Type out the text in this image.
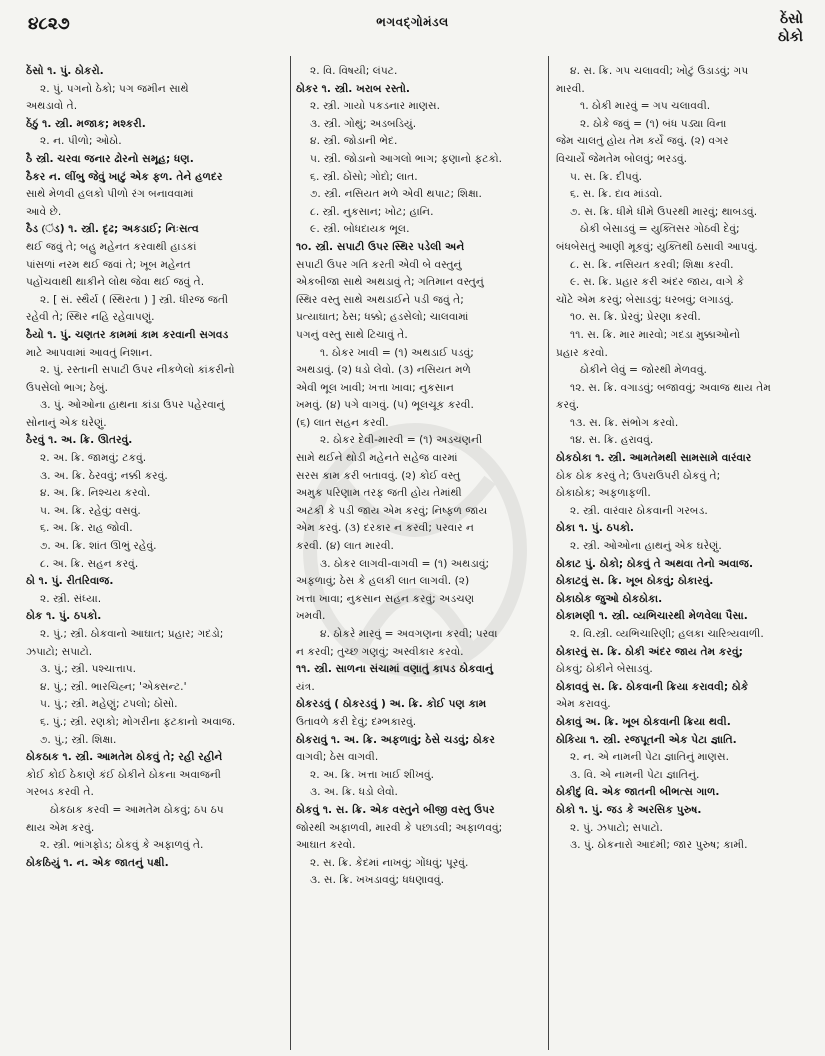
૪૮૨૭	ભગવદ્ગોમંડલ	ઠેંસો
ઠોકો
ઠેંસો ૧. પું. ઠોકરો.
૨. પું. પગનો ઠેકો; પગ જમીન સાથે
અથડાવો તે.
ઠેંઠું ૧. સ્ત્રી. મજાક; મશ્કરી.
૨. ન. પીળો; ઓઠો.
ઠૈ સ્ત્રી. ચરવા જનાર ઢોરનો સમૂહ; ધણ.
ઠૈકર ન. લીંબુ જેવું ખાટું એક ફળ. તેને હળદર
સાથે મેળવી હલકો પીળો રંગ બનાવવામાં
આવે છે.
ઠૈડ (ંડ) ૧. સ્ત્રી. દૃઢ; અકડાઈ; નિઃસત્વ
થઈ જવું તે; બહુ મહેનત કરવાથી હાડકાં
પાંસળાં નરમ થઈ જવાં તે; ખૂબ મહેનત
પહોંચવાથી થાકીને લોથ જેવા થઈ જવું તે.
૨. [ સં. સ્થૈર્ય ( સ્થિરતા ) ] સ્ત્રી. ધીરજ જતી
રહેવી તે; સ્થિર નહિ રહેવાપણું.
ઠૈયો ૧. પું. ચણતર કામમાં કામ કરવાની સગવડ
માટે આપવામાં આવતું નિશાન.
૨. પું. રસ્તાની સપાટી ઉપર નીકળેલો કાંકરીનો
ઉપસેલો ભાગ; ઠેબું.
૩. પું. ઓઓના હાથના કાંડા ઉપર પહેરવાનું
સોનાનું એક ઘરેણું.
ઠૈરવું ૧. અ. ક્રિ. ઊતરવું.
૨. અ. ક્રિ. જામવું; ટકવું.
૩. અ. ક્રિ. ઠેરવવું; નક્કી કરવું.
૪. અ. ક્રિ. નિશ્ચય કરવો.
૫. અ. ક્રિ. રહેવું; વસવું.
૬. અ. ક્રિ. રાહ જોવી.
૭. અ. ક્રિ. શાંત ઊભું રહેવું.
૮. અ. ક્રિ. સહન કરવું.
ઠો ૧. પું. રીતરિવાજ.
૨. સ્ત્રી. સંધ્યા.
ઠોક ૧. પું. ઠપકો.
૨. પું.; સ્ત્રી. ઠોકવાનો આઘાત; પ્રહાર; ગદડો;
ઝપાટો; સપાટો.
૩. પું.; સ્ત્રી. પશ્ચાત્તાપ.
૪. પું.; સ્ત્રી. ભારચિહ્ન; 'એક્સન્ટ.'
૫. પું.; સ્ત્રી. મહેણું; ટપલો; ઠોંસો.
૬. પું.; સ્ત્રી. રણકો; મોગરીના ફટકાનો અવાજ.
૭. પું.; સ્ત્રી. શિક્ષા.
ઠોકઠાક ૧. સ્ત્રી. આમતેમ ઠોકવું તે; રહી રહીને
કોઈ કોઈ ઠેકાણે કંઈ ઠોકીને ઠોકના અવાજની
ગરબડ કરવી તે.
ઠોકઠાક કરવી = આમતેમ ઠોકવું; ઠપ ઠપ
થાય એમ કરવું.
૨. સ્ત્રી. ભાંગફોડ; ઠોકવું કે અફાળવું તે.
ઠોકઠિયું ૧. ન. એક જાતનું પક્ષી.
૨. વિ. વિષયી; લંપટ.
ઠોકર ૧. સ્ત્રી. ખરાબ રસ્તો.
૨. સ્ત્રી. ગાયો પકડનાર માણસ.
૩. સ્ત્રી. ગોથું; અડબડિયું.
૪. સ્ત્રી. જોડાની ભેદ.
૫. સ્ત્રી. જોડાનો આગલો ભાગ; ફણાનો ફટકો.
૬. સ્ત્રી. ઠોંસો; ગોદો; લાત.
૭. સ્ત્રી. નસિયત મળે એવી થપાટ; શિક્ષા.
૮. સ્ત્રી. નુકસાન; ખોટ; હાનિ.
૯. સ્ત્રી. બોધદાયક ભૂલ.
૧૦. સ્ત્રી. સપાટી ઉપર સ્થિર પડેલી અને
સપાટી ઉપર ગતિ કરતી એવી બે વસ્તુનું
એકબીજા સાથે અથડાવું તે; ગતિમાન વસ્તુનું
સ્થિર વસ્તુ સાથે અથડાઈને પડી જવું તે;
પ્રત્યાઘાત; ઠેસ; ધક્કો; હડસેલો; ચાલવામાં
પગનું વસ્તુ સાથે ટિચાવું તે.
૧. ઠોકર ખાવી = (૧) અથડાઈ પડવું;
અથડાવું. (૨) ધડો લેવો. (૩) નસિયત મળે
એવી ભૂલ ખાવી; ખત્તા ખાવા; નુકસાન
ખમવું. (૪) પગે વાગવું. (૫) ભૂલચૂક કરવી.
(૬) લાત સહન કરવી.
૨. ઠોકર દેવી-મારવી = (૧) અડચણની
સામે થઈને થોડી મહેનતે સહેજ વારમાં
સરસ કામ કરી બતાવવું. (૨) કોઈ વસ્તુ
અમુક પરિણામ તરફ જતી હોય તેમાંથી
અટકી કે પડી જાય એમ કરવું; નિષ્ફળ જાય
એમ કરવું. (૩) દરકાર ન કરવી; પરવાર ન
કરવી. (૪) લાત મારવી.
૩. ઠોકર લાગવી-વાગવી = (૧) અથડાવું;
અફળાવું; ઠેસ કે હલકી લાત લાગવી. (૨)
ખત્તા ખાવા; નુકસાન સહન કરવું; અડચણ
ખમવી.
૪. ઠોકરે મારવું = અવગણના કરવી; પરવા
ન કરવી; તુચ્છ ગણવું; અસ્વીકાર કરવો.
૧૧. સ્ત્રી. સાળના સંચામાં વણાતું કાપડ ઠોકવાનું
યંત્ર.
ઠોકરડવું ( ઠોકરડવું ) અ. ક્રિ. કોઈ પણ કામ
ઉતાવળે કરી દેવું; દમ્ભકારવું.
ઠોકરાવું ૧. અ. ક્રિ. અફળાવું; ઠેસે ચડવું; ઠોકર
વાગવી; ઠેસ વાગવી.
૨. અ. ક્રિ. ખત્તા ખાઈ શીખવું.
૩. અ. ક્રિ. ધડો લેવો.
ઠોકવું ૧. સ. ક્રિ. એક વસ્તુને બીજી વસ્તુ ઉપર
જોરથી અફાળવી, મારવી કે પછાડવી; અફાળવવું;
આઘાત કરવો.
૨. સ. ક્રિ. કેદમાં નાખવું; ગોંધવું; પૂરવું.
૩. સ. ક્રિ. ખખડાવવું; ધધણાવવું.
૪. સ. ક્રિ. ગપ ચલાવવી; ખોટું ઉડાડવું; ગપ
મારવી.
૧. ઠોકી મારવું = ગપ ચલાવવી.
૨. ઠોકે જવું = (૧) બંધ પડ્યા વિના
જેમ ચાલતું હોય તેમ કર્યે જવું. (૨) વગર
વિચાર્યે જેમતેમ બોલવું; ભરડવું.
૫. સ. ક્રિ. દીપવું.
૬. સ. ક્રિ. દાવ માંડવો.
૭. સ. ક્રિ. ધીમે ધીમે ઉપરથી મારવું; થાબડવું.
ઠોકી બેસાડવું = યુક્તિસર ગોઠવી દેવું;
બંધબેસતું આણી મૂકવું; યુક્તિથી ઠસાવી આપવું.
૮. સ. ક્રિ. નસિયત કરવી; શિક્ષા કરવી.
૯. સ. ક્રિ. પ્રહાર કરી અંદર જાય, વાગે કે
ચોંટે એમ કરવું; બેસાડવું; ધરબવું; લગાડવું.
૧૦. સ. ક્રિ. પ્રેરવું; પ્રેરણા કરવી.
૧૧. સ. ક્રિ. માર મારવો; ગદડા મુક્કાઓનો
પ્રહાર કરવો.
ઠોકીને લેવું = જોરથી મેળવવું.
૧૨. સ. ક્રિ. વગાડવું; બજાવવું; અવાજ થાય તેમ
કરવું.
૧૩. સ. ક્રિ. સંભોગ કરવો.
૧૪. સ. ક્રિ. હરાવવું.
ઠોકઠોકા ૧. સ્ત્રી. આમતેમથી સામસામે વારંવાર
ઠોક ઠોક કરવું તે; ઉપરાઉપરી ઠોકવું તે;
ઠોકાઠોક; અફળાફળી.
૨. સ્ત્રી. વારંવાર ઠોકવાની ગરબડ.
ઠોકા ૧. પું. ઠપકો.
૨. સ્ત્રી. ઓઓના હાથનું એક ઘરેણું.
ઠોકાટ પું. ઠોકો; ઠોકવું તે અથવા તેનો અવાજ.
ઠોકાટવું સ. ક્રિ. ખૂબ ઠોકવું; ઠોકારવું.
ઠોકાઠોક જુઓ ઠોકઠોકા.
ઠોકામણી ૧. સ્ત્રી. વ્યભિચારથી મેળવેલા પૈસા.
૨. વિ.સ્ત્રી. વ્યભિચારિણી; હલકા ચારિત્ર્યવાળી.
ઠોકારવું સ. ક્રિ. ઠોકી અંદર જાય તેમ કરવું;
ઠોકવું; ઠોકીને બેસાડવું.
ઠોકાવવું સ. ક્રિ. ઠોકવાની ક્રિયા કરાવવી; ઠોકે
એમ કરાવવું.
ઠોકાવું અ. ક્રિ. ખૂબ ઠોકવાની ક્રિયા થવી.
ઠોકિયા ૧. સ્ત્રી. રજપૂતની એક પેટા જ્ઞાતિ.
૨. ન. એ નામની પેટા જ્ઞાતિનું માણસ.
૩. વિ. એ નામની પેટા જ્ઞાતિનું.
ઠોકીદું વિ. એક જાતની બીભત્સ ગાળ.
ઠોકો ૧. પું. જડ કે અરસિક પુરુષ.
૨. પું. ઝપાટો; સપાટો.
૩. પું. ઠોકનારો આદમી; જાર પુરુષ; કામી.
